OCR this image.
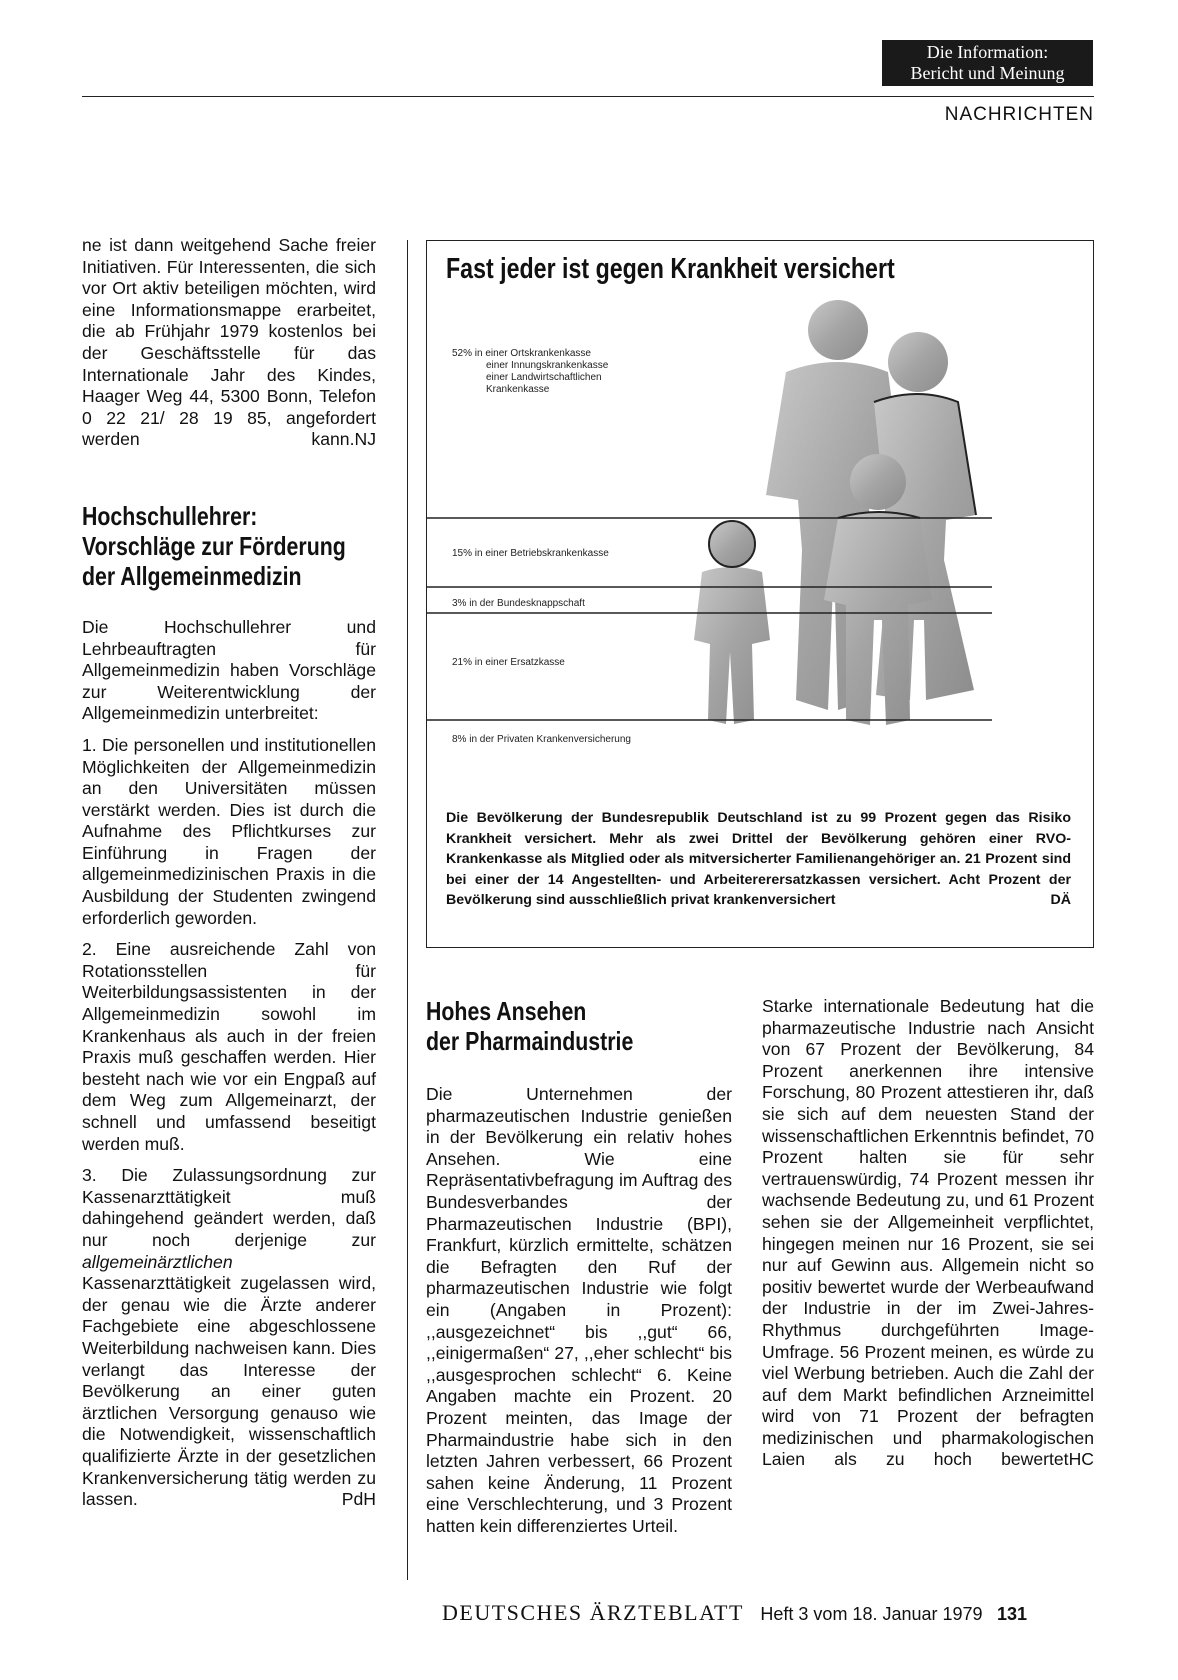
Die Information:
Bericht und Meinung
NACHRICHTEN

ne ist dann weitgehend Sache freier Initiativen. Für Interessenten, die sich vor Ort aktiv beteiligen möchten, wird eine Informationsmappe erarbeitet, die ab Frühjahr 1979 kostenlos bei der Geschäftsstelle für das Internationale Jahr des Kindes, Haager Weg 44, 5300 Bonn, Telefon 0 22 21/ 28 19 85, angefordert werden kann. NJ

Hochschullehrer:
Vorschläge zur Förderung
der Allgemeinmedizin

Die Hochschullehrer und Lehrbeauftragten für Allgemeinmedizin haben Vorschläge zur Weiterentwicklung der Allgemeinmedizin unterbreitet:

1. Die personellen und institutionellen Möglichkeiten der Allgemeinmedizin an den Universitäten müssen verstärkt werden. Dies ist durch die Aufnahme des Pflichtkurses zur Einführung in Fragen der allgemeinmedizinischen Praxis in die Ausbildung der Studenten zwingend erforderlich geworden.

2. Eine ausreichende Zahl von Rotationsstellen für Weiterbildungsassistenten in der Allgemeinmedizin sowohl im Krankenhaus als auch in der freien Praxis muß geschaffen werden. Hier besteht nach wie vor ein Engpaß auf dem Weg zum Allgemeinarzt, der schnell und umfassend beseitigt werden muß.

3. Die Zulassungsordnung zur Kassenarzttätigkeit muß dahingehend geändert werden, daß nur noch derjenige zur allgemeinärztlichen Kassenarzttätigkeit zugelassen wird, der genau wie die Ärzte anderer Fachgebiete eine abgeschlossene Weiterbildung nachweisen kann. Dies verlangt das Interesse der Bevölkerung an einer guten ärztlichen Versorgung genauso wie die Notwendigkeit, wissenschaftlich qualifizierte Ärzte in der gesetzlichen Krankenversicherung tätig werden zu lassen.	PdH

Fast jeder ist gegen Krankheit versichert
52% in einer Ortskrankenkasse
einer Innungskrankenkasse
einer Landwirtschaftlichen
Krankenkasse
15% in einer Betriebskrankenkasse
3% in der Bundesknappschaft
21% in einer Ersatzkasse
8% in der Privaten Krankenversicherung
Die Bevölkerung der Bundesrepublik Deutschland ist zu 99 Prozent gegen das Risiko Krankheit versichert. Mehr als zwei Drittel der Bevölkerung gehören einer RVO-Krankenkasse als Mitglied oder als mitversicherter Familienangehöriger an. 21 Prozent sind bei einer der 14 Angestellten- und Arbeitererersatzkassen versichert. Acht Prozent der Bevölkerung sind ausschließlich privat krankenversichert	DÄ
Hohes Ansehen
der Pharmaindustrie

Die Unternehmen der pharmazeutischen Industrie genießen in der Bevölkerung ein relativ hohes Ansehen. Wie eine Repräsentativbefragung im Auftrag des Bundesverbandes der Pharmazeutischen Industrie (BPI), Frankfurt, kürzlich ermittelte, schätzen die Befragten den Ruf der pharmazeutischen Industrie wie folgt ein (Angaben in Prozent): ,,ausgezeichnet“ bis ,,gut“ 66, ,,einigermaßen“ 27, ,,eher schlecht“ bis ,,ausgesprochen schlecht“ 6. Keine Angaben machte ein Prozent. 20 Prozent meinten, das Image der Pharmaindustrie habe sich in den letzten Jahren verbessert, 66 Prozent sahen keine Änderung, 11 Prozent eine Verschlechterung, und 3 Prozent hatten kein differenziertes Urteil.

Starke internationale Bedeutung hat die pharmazeutische Industrie nach Ansicht von 67 Prozent der Bevölkerung, 84 Prozent anerkennen ihre intensive Forschung, 80 Prozent attestieren ihr, daß sie sich auf dem neuesten Stand der wissenschaftlichen Erkenntnis befindet, 70 Prozent halten sie für sehr vertrauenswürdig, 74 Prozent messen ihr wachsende Bedeutung zu, und 61 Prozent sehen sie der Allgemeinheit verpflichtet, hingegen meinen nur 16 Prozent, sie sei nur auf Gewinn aus. Allgemein nicht so positiv bewertet wurde der Werbeaufwand der Industrie in der im Zwei-Jahres-Rhythmus durchgeführten Image-Umfrage. 56 Prozent meinen, es würde zu viel Werbung betrieben. Auch die Zahl der auf dem Markt befindlichen Arzneimittel wird von 71 Prozent der befragten medizinischen und pharmakologischen Laien als zu hoch bewertet HC

DEUTSCHES ÄRZTEBLATT Heft 3 vom 18. Januar 1979 131
